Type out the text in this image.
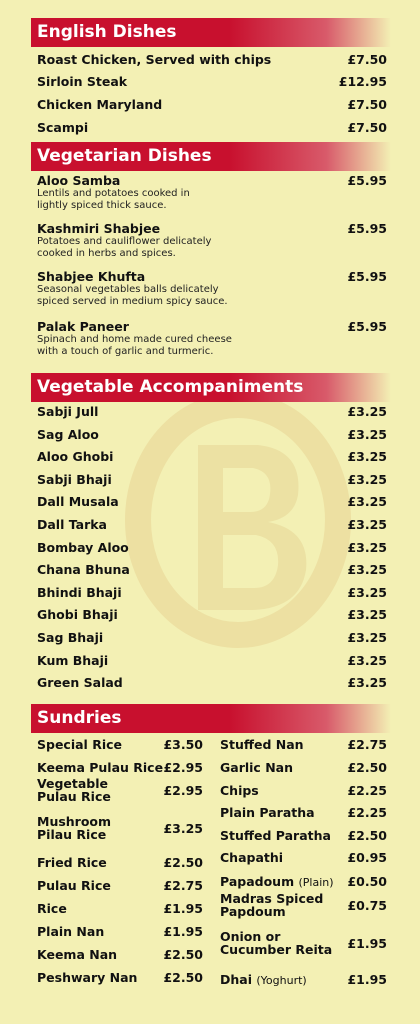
English Dishes
Roast Chicken, Served with chips	£7.50
Sirloin Steak	£12.95
Chicken Maryland	£7.50
Scampi	£7.50
Vegetarian Dishes
Aloo Samba
Lentils and potatoes cooked in
lightly spiced thick sauce.
£5.95
Kashmiri Shabjee
Potatoes and cauliflower delicately
cooked in herbs and spices.
£5.95
Shabjee Khufta
Seasonal vegetables balls delicately
spiced served in medium spicy sauce.
£5.95
Palak Paneer
Spinach and home made cured cheese
with a touch of garlic and turmeric.
£5.95
Vegetable Accompaniments
Sabji Jull	£3.25
Sag Aloo	£3.25
Aloo Ghobi	£3.25
Sabji Bhaji	£3.25
Dall Musala	£3.25
Dall Tarka	£3.25
Bombay Aloo	£3.25
Chana Bhuna	£3.25
Bhindi Bhaji	£3.25
Ghobi Bhaji	£3.25
Sag Bhaji	£3.25
Kum Bhaji	£3.25
Green Salad	£3.25
Sundries
Special Rice	£3.50
Keema Pulau Rice £2.95
Vegetable
Pulau Rice	£2.95
Mushroom
Pilau Rice	£3.25
Fried Rice	£2.50
Pulau Rice	£2.75
Rice	£1.95
Plain Nan	£1.95
Keema Nan	£2.50
Peshwary Nan £2.50
Stuffed Nan	£2.75
Garlic Nan	£2.50
Chips	£2.25
Plain Paratha	£2.25
Stuffed Paratha £2.50
Chapathi	£0.95
Papadoum (Plain) £0.50
Madras Spiced
Papdoum	£0.75
Onion or
Cucumber Reita £1.95
Dhai (Yoghurt)	£1.95
